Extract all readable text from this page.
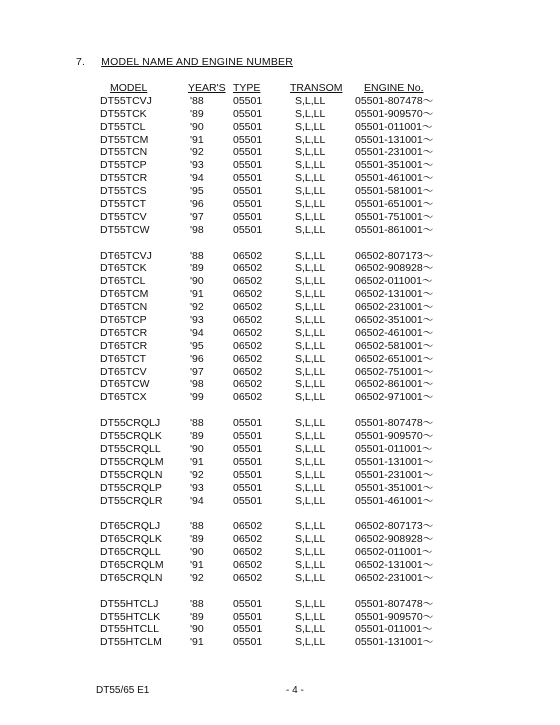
7. MODEL NAME AND ENGINE NUMBER
MODEL	YEAR'S TYPE	TRANSOM ENGINE No.
DT55TCVJ	'88	05501	S,L,LL	05501-807478～
DT55TCK	'89	05501	S,L,LL	05501-909570～
DT55TCL	'90	05501	S,L,LL	05501-011001～
DT55TCM	'91	05501	S,L,LL	05501-131001～
DT55TCN	'92	05501	S,L,LL	05501-231001～
DT55TCP	'93	05501	S,L,LL	05501-351001～
DT55TCR	'94	05501	S,L,LL	05501-461001～
DT55TCS	'95	05501	S,L,LL	05501-581001～
DT55TCT	'96	05501	S,L,LL	05501-651001～
DT55TCV	'97	05501	S,L,LL	05501-751001～
DT55TCW	'98	05501	S,L,LL	05501-861001～
DT65TCVJ	'88	06502	S,L,LL	06502-807173～
DT65TCK	'89	06502	S,L,LL	06502-908928～
DT65TCL	'90	06502	S,L,LL	06502-011001～
DT65TCM	'91	06502	S,L,LL	06502-131001～
DT65TCN	'92	06502	S,L,LL	06502-231001～
DT65TCP	'93	06502	S,L,LL	06502-351001～
DT65TCR	'94	06502	S,L,LL	06502-461001～
DT65TCR	'95	06502	S,L,LL	06502-581001～
DT65TCT	'96	06502	S,L,LL	06502-651001～
DT65TCV	'97	06502	S,L,LL	06502-751001～
DT65TCW	'98	06502	S,L,LL	06502-861001～
DT65TCX	'99	06502	S,L,LL	06502-971001～
DT55CRQLJ	'88	05501	S,L,LL	05501-807478～
DT55CRQLK	'89	05501	S,L,LL	05501-909570～
DT55CRQLL	'90	05501	S,L,LL	05501-011001～
DT55CRQLM	'91	05501	S,L,LL	05501-131001～
DT55CRQLN	'92	05501	S,L,LL	05501-231001～
DT55CRQLP	'93	05501	S,L,LL	05501-351001～
DT55CRQLR	'94	05501	S,L,LL	05501-461001～
DT65CRQLJ	'88	06502	S,L,LL	06502-807173～
DT65CRQLK	'89	06502	S,L,LL	06502-908928～
DT65CRQLL	'90	06502	S,L,LL	06502-011001～
DT65CRQLM	'91	06502	S,L,LL	06502-131001～
DT65CRQLN	'92	06502	S,L,LL	06502-231001～
DT55HTCLJ	'88	05501	S,L,LL	05501-807478～
DT55HTCLK	'89	05501	S,L,LL	05501-909570～
DT55HTCLL	'90	05501	S,L,LL	05501-011001～
DT55HTCLM	'91	05501	S,L,LL	05501-131001～
DT55/65 E1	- 4 -
